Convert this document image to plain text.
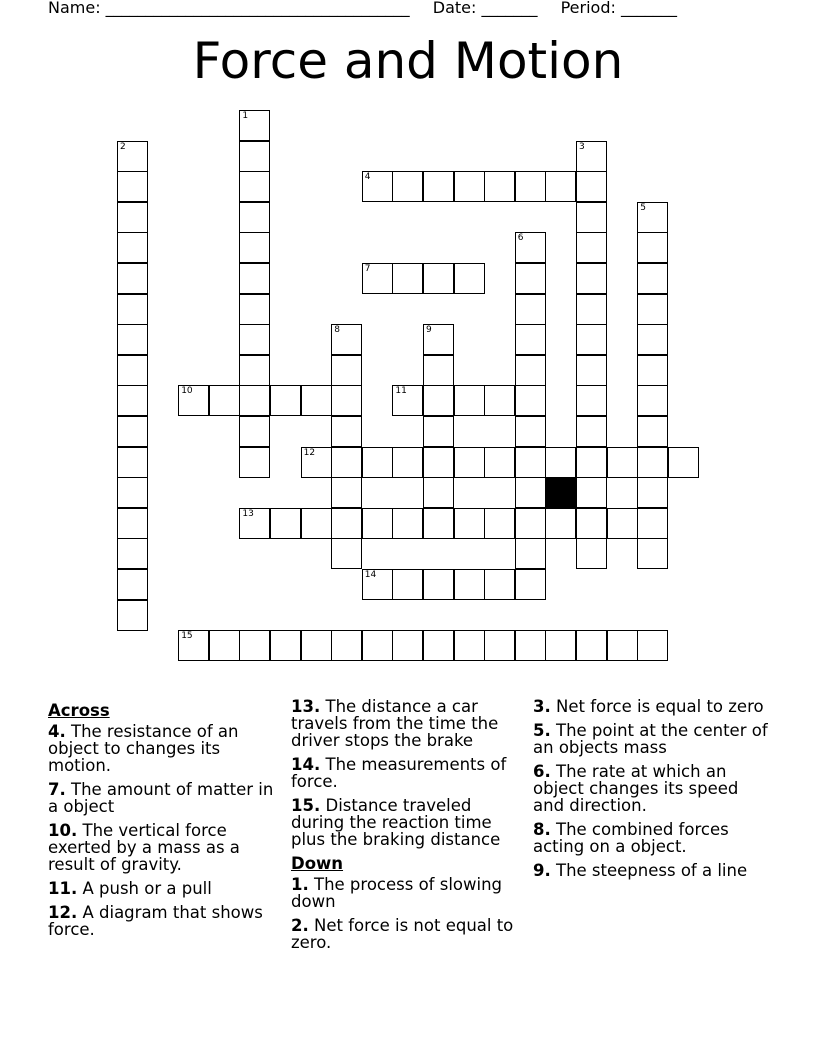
Name: ______________________________________ Date: _______ Period: _______
Force and Motion
1
2	3
4
5
6
7
8	9
10	11
12
13
14
15
Across
4. The resistance of an object to changes its motion.
7. The amount of matter in a object
10. The vertical force exerted by a mass as a result of gravity.
11. A push or a pull
12. A diagram that shows force.
13. The distance a car travels from the time the driver stops the brake
14. The measurements of force.
15. Distance traveled during the reaction time plus the braking distance
Down
1. The process of slowing down
2. Net force is not equal to zero.
3. Net force is equal to zero
5. The point at the center of an objects mass
6. The rate at which an object changes its speed and direction.
8. The combined forces acting on a object.
9. The steepness of a line
